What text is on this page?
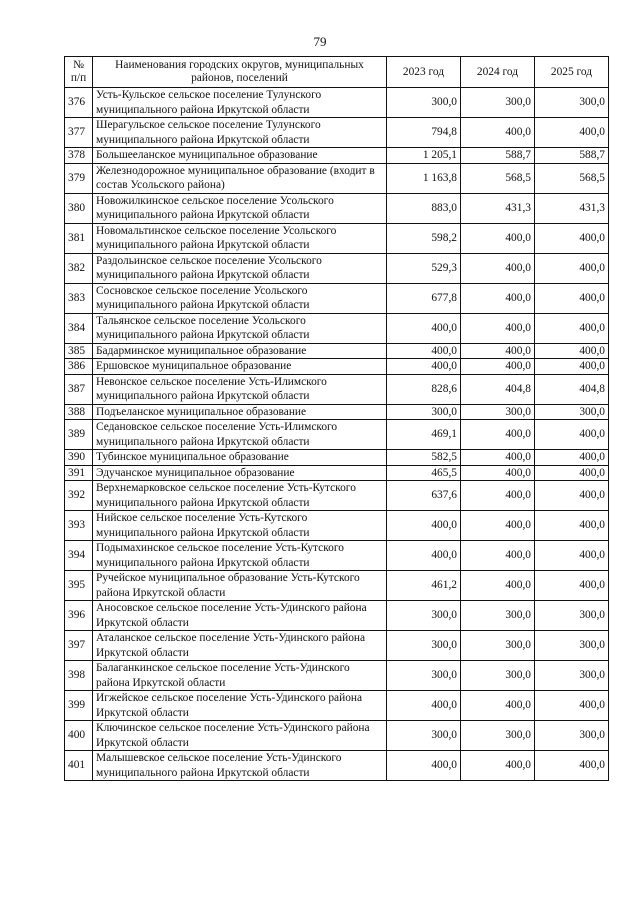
79
№ п/п	Наименования городских округов, муниципальных районов, поселений	2023 год	2024 год	2025 год
376	Усть-Кульское сельское поселение Тулунского муниципального района Иркутской области	300,0	300,0	300,0
377	Шерагульское сельское поселение Тулунского муниципального района Иркутской области	794,8	400,0	400,0
378	Большееланское муниципальное образование	1 205,1	588,7	588,7
379	Железнодорожное муниципальное образование (входит в состав Усольского района)	1 163,8	568,5	568,5
380	Новожилкинское сельское поселение Усольского муниципального района Иркутской области	883,0	431,3	431,3
381	Новомальтинское сельское поселение Усольского муниципального района Иркутской области	598,2	400,0	400,0
382	Раздольинское сельское поселение Усольского муниципального района Иркутской области	529,3	400,0	400,0
383	Сосновское сельское поселение Усольского муниципального района Иркутской области	677,8	400,0	400,0
384	Тальянское сельское поселение Усольского муниципального района Иркутской области	400,0	400,0	400,0
385	Бадарминское муниципальное образование	400,0	400,0	400,0
386	Ершовское муниципальное образование	400,0	400,0	400,0
387	Невонское сельское поселение Усть-Илимского муниципального района Иркутской области	828,6	404,8	404,8
388	Подъеланское муниципальное образование	300,0	300,0	300,0
389	Седановское сельское поселение Усть-Илимского муниципального района Иркутской области	469,1	400,0	400,0
390	Тубинское муниципальное образование	582,5	400,0	400,0
391	Эдучанское муниципальное образование	465,5	400,0	400,0
392	Верхнемарковское сельское поселение Усть-Кутского муниципального района Иркутской области	637,6	400,0	400,0
393	Нийское сельское поселение Усть-Кутского муниципального района Иркутской области	400,0	400,0	400,0
394	Подымахинское сельское поселение Усть-Кутского муниципального района Иркутской области	400,0	400,0	400,0
395	Ручейское муниципальное образование Усть-Кутского района Иркутской области	461,2	400,0	400,0
396	Аносовское сельское поселение Усть-Удинского района Иркутской области	300,0	300,0	300,0
397	Аталанское сельское поселение Усть-Удинского района Иркутской области	300,0	300,0	300,0
398	Балаганкинское сельское поселение Усть-Удинского района Иркутской области	300,0	300,0	300,0
399	Игжейское сельское поселение Усть-Удинского района Иркутской области	400,0	400,0	400,0
400	Ключинское сельское поселение Усть-Удинского района Иркутской области	300,0	300,0	300,0
401	Малышевское сельское поселение Усть-Удинского муниципального района Иркутской области	400,0	400,0	400,0
